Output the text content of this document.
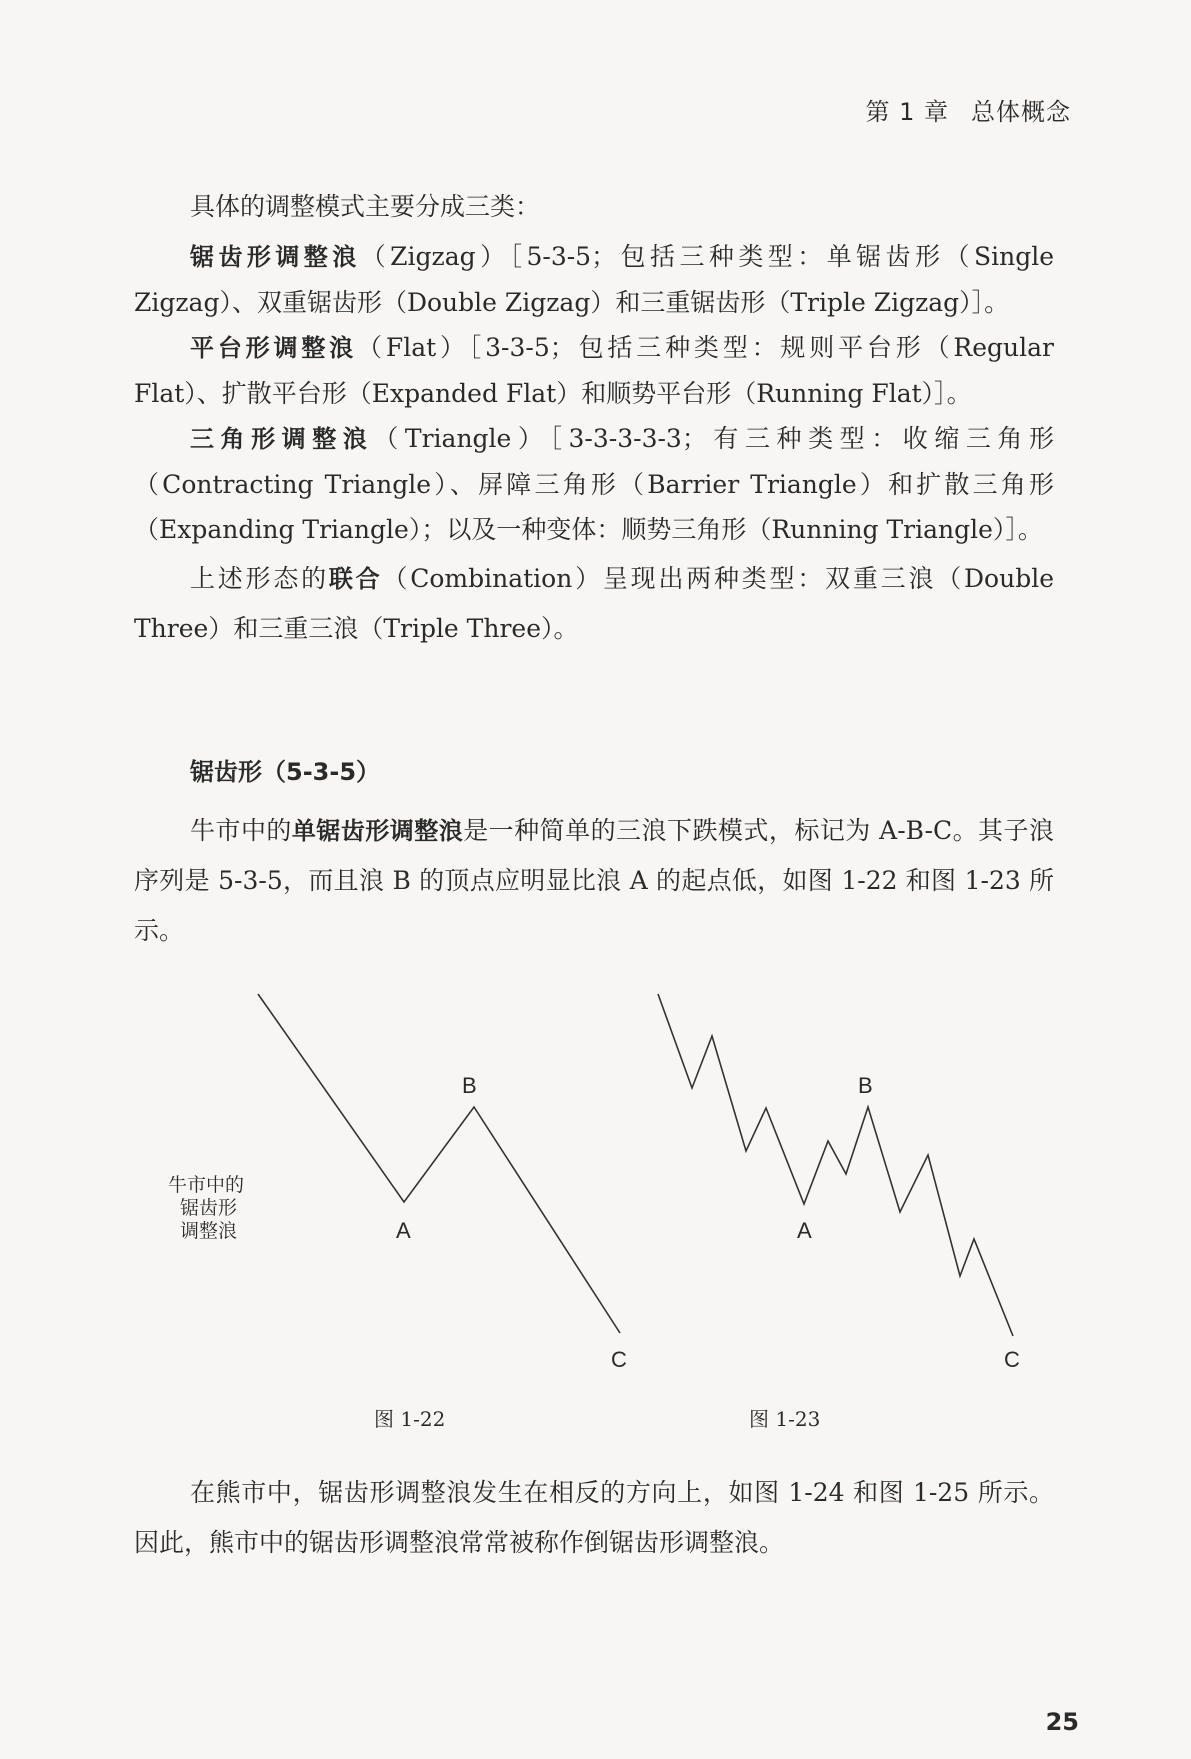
第 1 章 总体概念

具体的调整模式主要分成三类：

锯齿形调整浪（Zigzag）［5-3-5；包括三种类型：单锯齿形（Single Zigzag）、双重锯齿形（Double Zigzag）和三重锯齿形（Triple Zigzag）］。

平台形调整浪（Flat）［3-3-5；包括三种类型：规则平台形（Regular Flat）、扩散平台形（Expanded Flat）和顺势平台形（Running Flat）］。

三角形调整浪（Triangle）［3-3-3-3-3；有三种类型：收缩三角形（Contracting Triangle）、屏障三角形（Barrier Triangle）和扩散三角形（Expanding Triangle）；以及一种变体：顺势三角形（Running Triangle）］。

上述形态的联合（Combination）呈现出两种类型：双重三浪（Double Three）和三重三浪（Triple Three）。

锯齿形（5-3-5）

牛市中的单锯齿形调整浪是一种简单的三浪下跌模式，标记为 A-B-C。其子浪序列是 5-3-5，而且浪 B 的顶点应明显比浪 A 的起点低，如图 1-22 和图 1-23 所示。

B
A
C
牛市中的
锯齿形
调整浪
B
A
C
图 1-22	图 1-23

在熊市中，锯齿形调整浪发生在相反的方向上，如图 1-24 和图 1-25 所示。因此，熊市中的锯齿形调整浪常常被称作倒锯齿形调整浪。

25
